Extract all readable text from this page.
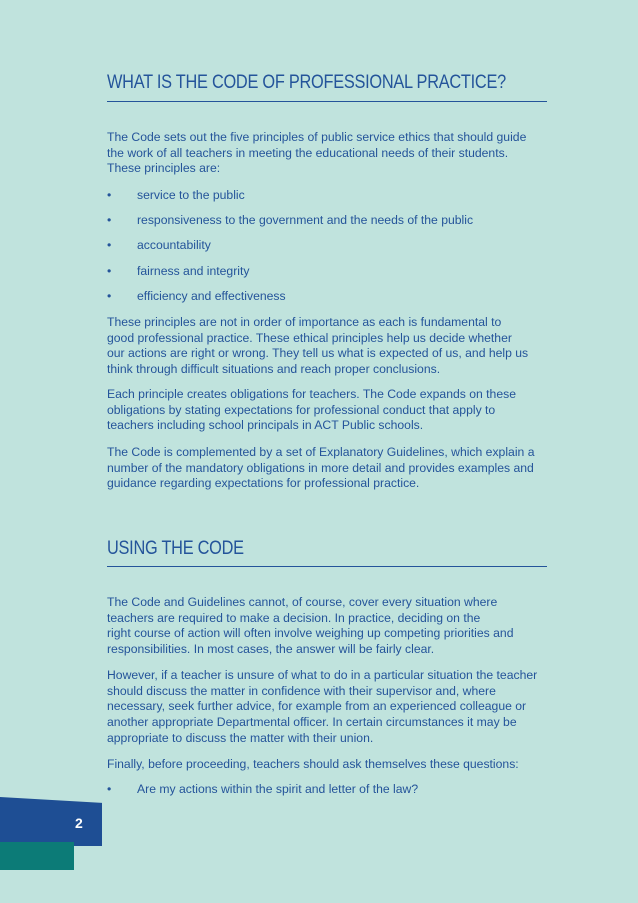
WHAT IS THE CODE OF PROFESSIONAL PRACTICE?

The Code sets out the five principles of public service ethics that should guide
the work of all teachers in meeting the educational needs of their students.
These principles are:

• service to the public
• responsiveness to the government and the needs of the public
• accountability
• fairness and integrity
• efficiency and effectiveness

These principles are not in order of importance as each is fundamental to
good professional practice. These ethical principles help us decide whether
our actions are right or wrong. They tell us what is expected of us, and help us
think through difficult situations and reach proper conclusions.

Each principle creates obligations for teachers. The Code expands on these
obligations by stating expectations for professional conduct that apply to
teachers including school principals in ACT Public schools.

The Code is complemented by a set of Explanatory Guidelines, which explain a
number of the mandatory obligations in more detail and provides examples and
guidance regarding expectations for professional practice.

USING THE CODE

The Code and Guidelines cannot, of course, cover every situation where
teachers are required to make a decision. In practice, deciding on the
right course of action will often involve weighing up competing priorities and
responsibilities. In most cases, the answer will be fairly clear.

However, if a teacher is unsure of what to do in a particular situation the teacher
should discuss the matter in confidence with their supervisor and, where
necessary, seek further advice, for example from an experienced colleague or
another appropriate Departmental officer. In certain circumstances it may be
appropriate to discuss the matter with their union.

Finally, before proceeding, teachers should ask themselves these questions:

• Are my actions within the spirit and letter of the law?
2
